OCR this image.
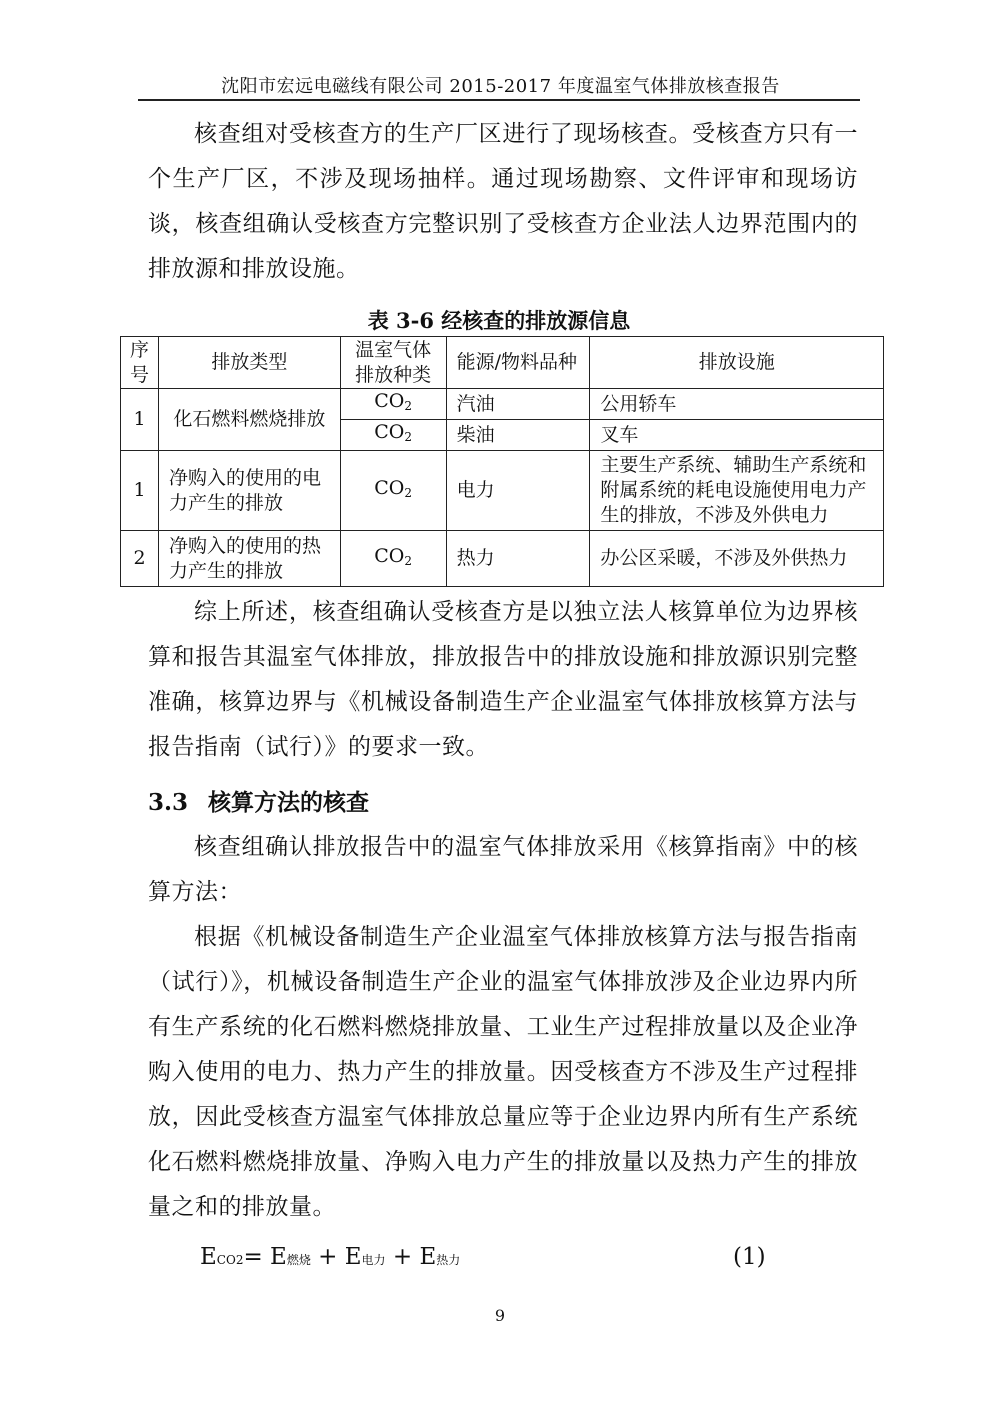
沈阳市宏远电磁线有限公司 2015-2017 年度温室气体排放核查报告

核查组对受核查方的生产厂区进行了现场核查。受核查方只有一个生产厂区，不涉及现场抽样。通过现场勘察、文件评审和现场访谈，核查组确认受核查方完整识别了受核查方企业法人边界范围内的排放源和排放设施。

表 3-6 经核查的排放源信息
序号	排放类型	温室气体排放种类	能源/物料品种	排放设施
1	化石燃料燃烧排放	$CO_2$	汽油	公用轿车
		$CO_2$	柴油	叉车
1	净购入的使用的电力产生的排放	$CO_2$	电力	主要生产系统、辅助生产系统和附属系统的耗电设施使用电力产生的排放，不涉及外供电力
2	净购入的使用的热力产生的排放	$CO_2$	热力	办公区采暖，不涉及外供热力

综上所述，核查组确认受核查方是以独立法人核算单位为边界核算和报告其温室气体排放，排放报告中的排放设施和排放源识别完整准确，核算边界与《机械设备制造生产企业温室气体排放核算方法与报告指南（试行）》的要求一致。

3.3 核算方法的核查

核查组确认排放报告中的温室气体排放采用《核算指南》中的核算方法：

根据《机械设备制造生产企业温室气体排放核算方法与报告指南（试行）》，机械设备制造生产企业的温室气体排放涉及企业边界内所有生产系统的化石燃料燃烧排放量、工业生产过程排放量以及企业净购入使用的电力、热力产生的排放量。因受核查方不涉及生产过程排放，因此受核查方温室气体排放总量应等于企业边界内所有生产系统化石燃料燃烧排放量、净购入电力产生的排放量以及热力产生的排放量之和的排放量。

ECO2= E燃烧 + E电力 + E热力	(1)
9
